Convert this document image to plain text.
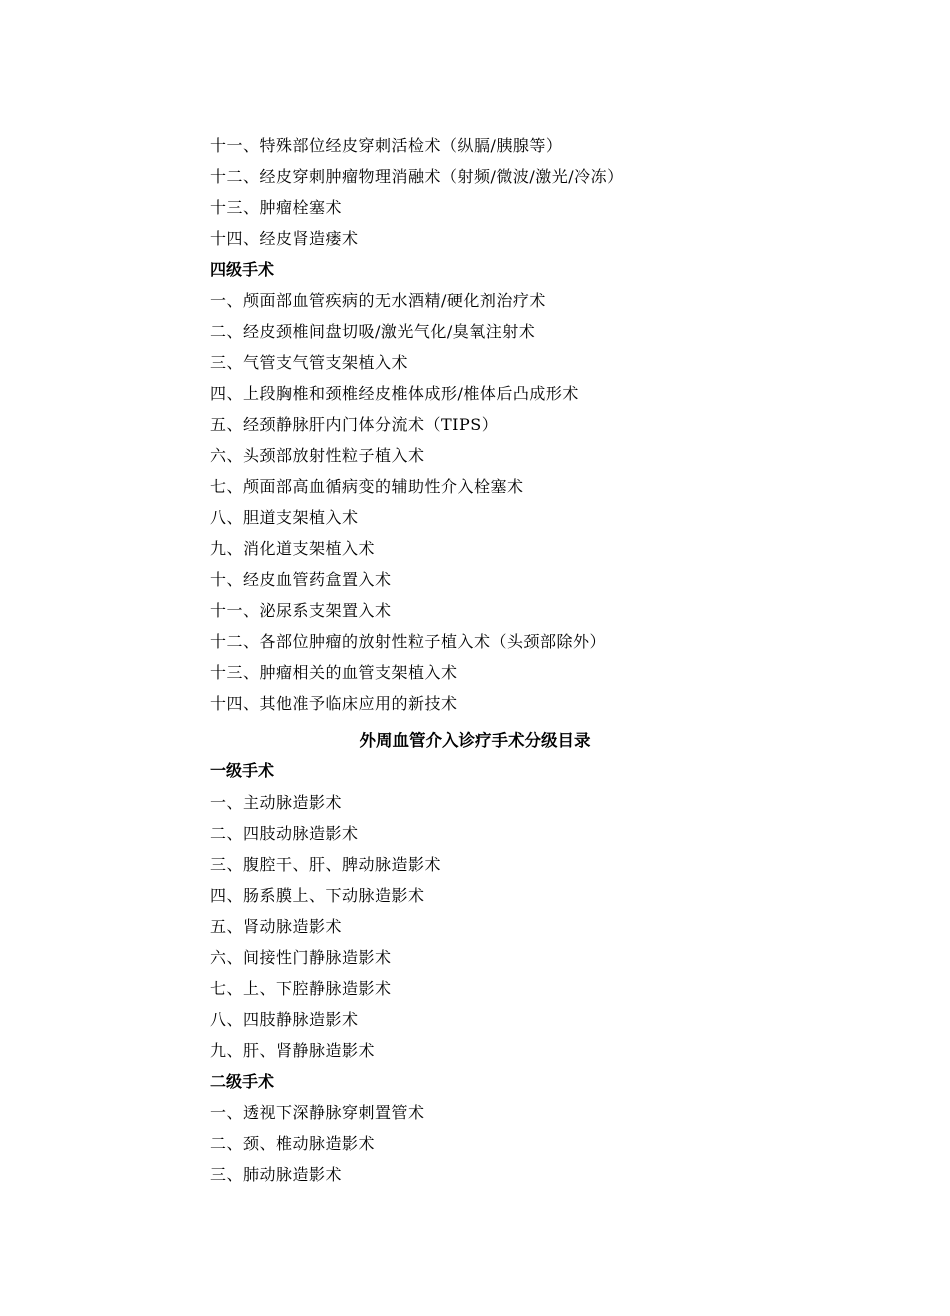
十一、特殊部位经皮穿刺活检术（纵膈/胰腺等）
十二、经皮穿刺肿瘤物理消融术（射频/微波/激光/冷冻）
十三、肿瘤栓塞术
十四、经皮肾造瘘术
四级手术
一、颅面部血管疾病的无水酒精/硬化剂治疗术
二、经皮颈椎间盘切吸/激光气化/臭氧注射术
三、气管支气管支架植入术
四、上段胸椎和颈椎经皮椎体成形/椎体后凸成形术
五、经颈静脉肝内门体分流术（TIPS）
六、头颈部放射性粒子植入术
七、颅面部高血循病变的辅助性介入栓塞术
八、胆道支架植入术
九、消化道支架植入术
十、经皮血管药盒置入术
十一、泌尿系支架置入术
十二、各部位肿瘤的放射性粒子植入术（头颈部除外）
十三、肿瘤相关的血管支架植入术
十四、其他准予临床应用的新技术
外周血管介入诊疗手术分级目录
一级手术
一、主动脉造影术
二、四肢动脉造影术
三、腹腔干、肝、脾动脉造影术
四、肠系膜上、下动脉造影术
五、肾动脉造影术
六、间接性门静脉造影术
七、上、下腔静脉造影术
八、四肢静脉造影术
九、肝、肾静脉造影术
二级手术
一、透视下深静脉穿刺置管术
二、颈、椎动脉造影术
三、肺动脉造影术
